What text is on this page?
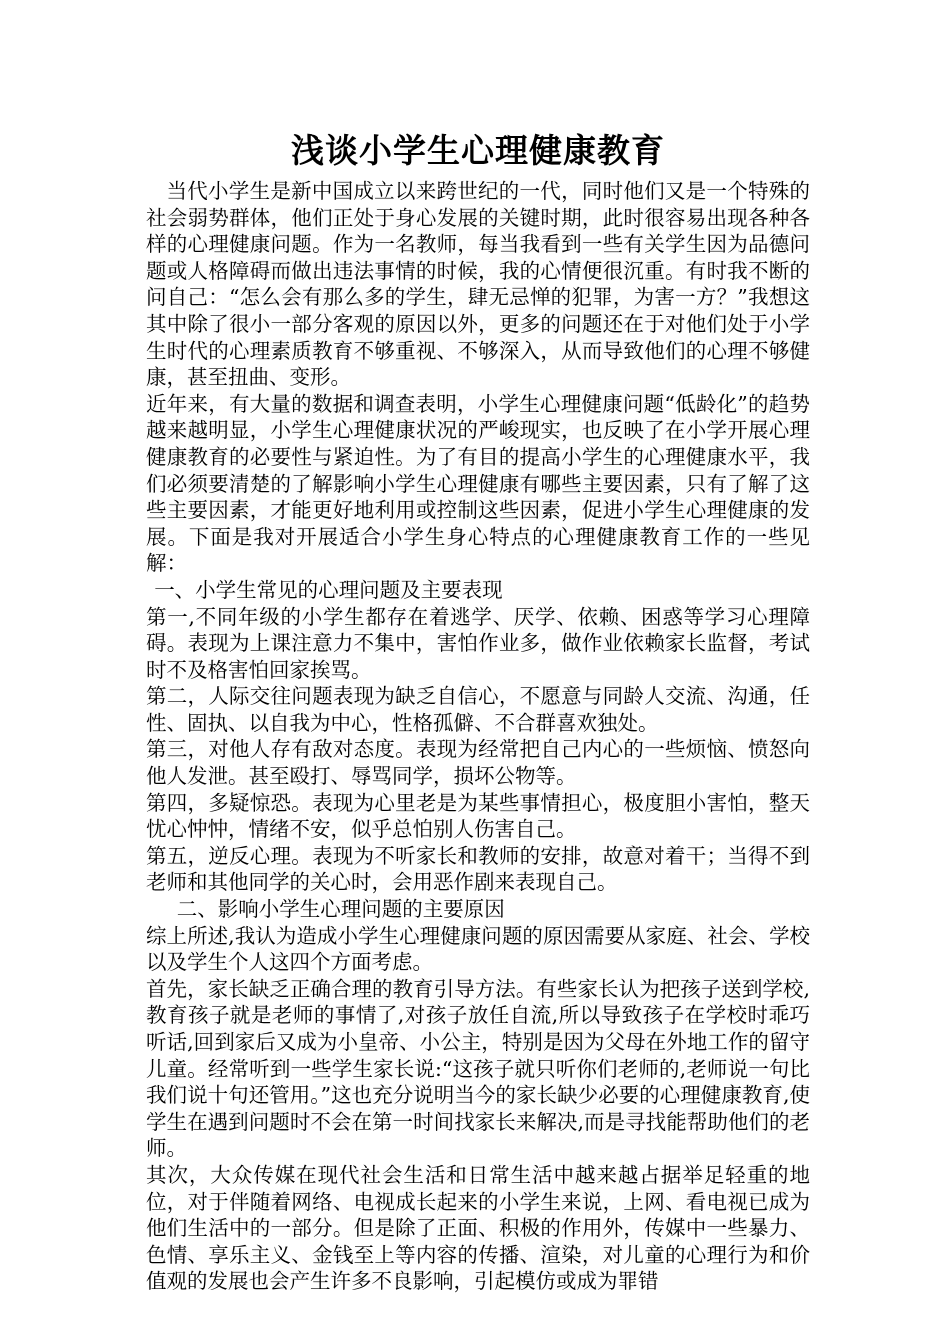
浅谈小学生心理健康教育

当代小学生是新中国成立以来跨世纪的一代，同时他们又是一个特殊的社会弱势群体，他们正处于身心发展的关键时期，此时很容易出现各种各样的心理健康问题。作为一名教师，每当我看到一些有关学生因为品德问题或人格障碍而做出违法事情的时候，我的心情便很沉重。有时我不断的问自己：“怎么会有那么多的学生，肆无忌惮的犯罪，为害一方？”我想这其中除了很小一部分客观的原因以外，更多的问题还在于对他们处于小学生时代的心理素质教育不够重视、不够深入，从而导致他们的心理不够健康，甚至扭曲、变形。

近年来，有大量的数据和调查表明，小学生心理健康问题“低龄化”的趋势越来越明显，小学生心理健康状况的严峻现实，也反映了在小学开展心理健康教育的必要性与紧迫性。为了有目的提高小学生的心理健康水平，我们必须要清楚的了解影响小学生心理健康有哪些主要因素，只有了解了这些主要因素，才能更好地利用或控制这些因素，促进小学生心理健康的发展。下面是我对开展适合小学生身心特点的心理健康教育工作的一些见解：

一、小学生常见的心理问题及主要表现

第一,不同年级的小学生都存在着逃学、厌学、依赖、困惑等学习心理障碍。表现为上课注意力不集中，害怕作业多，做作业依赖家长监督，考试时不及格害怕回家挨骂。

第二，人际交往问题表现为缺乏自信心，不愿意与同龄人交流、沟通，任性、固执、以自我为中心，性格孤僻、不合群喜欢独处。

第三，对他人存有敌对态度。表现为经常把自己内心的一些烦恼、愤怒向他人发泄。甚至殴打、辱骂同学，损坏公物等。

第四，多疑惊恐。表现为心里老是为某些事情担心，极度胆小害怕，整天忧心忡忡，情绪不安，似乎总怕别人伤害自己。

第五，逆反心理。表现为不听家长和教师的安排，故意对着干；当得不到老师和其他同学的关心时，会用恶作剧来表现自己。

二、影响小学生心理问题的主要原因

综上所述,我认为造成小学生心理健康问题的原因需要从家庭、社会、学校以及学生个人这四个方面考虑。

首先，家长缺乏正确合理的教育引导方法。有些家长认为把孩子送到学校,教育孩子就是老师的事情了,对孩子放任自流,所以导致孩子在学校时乖巧听话,回到家后又成为小皇帝、小公主，特别是因为父母在外地工作的留守儿童。经常听到一些学生家长说:“这孩子就只听你们老师的,老师说一句比我们说十句还管用。”这也充分说明当今的家长缺少必要的心理健康教育,使学生在遇到问题时不会在第一时间找家长来解决,而是寻找能帮助他们的老师。

其次，大众传媒在现代社会生活和日常生活中越来越占据举足轻重的地位，对于伴随着网络、电视成长起来的小学生来说，上网、看电视已成为他们生活中的一部分。但是除了正面、积极的作用外，传媒中一些暴力、色情、享乐主义、金钱至上等内容的传播、渲染，对儿童的心理行为和价值观的发展也会产生许多不良影响，引起模仿或成为罪错
